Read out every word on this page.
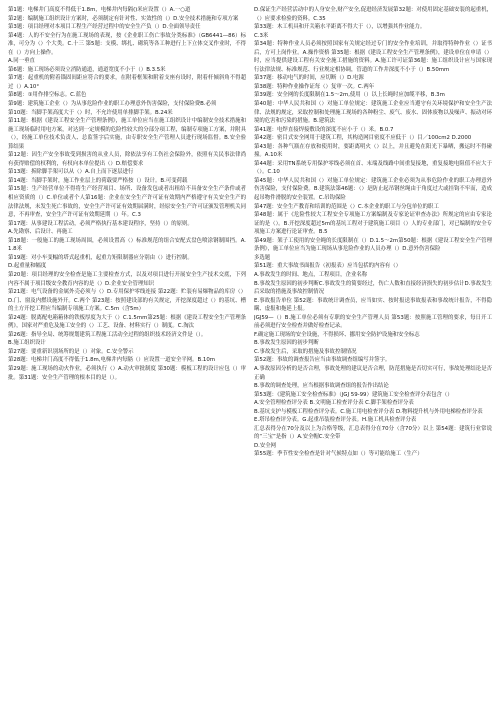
第1题：电梯井门高度不得低于1.8m，电梯井内每隔()米应设置（）A.一○道

第2题：编制施工组织设计方案时，必须制定有针对性、实效性的（）D.安全技术措施和专项方案

第3题：项目经理对本项目工程生产经营过程中的安全生产负（）D.全面领导责任

第4题：人的不安全行为在施工现场的表现，按《企业职工伤亡事故分类标准》（GB6441—86）标准，可分为（）个大类。C.十三 第5题：支模、绑扎、砌筑等各工种进行上下立体交叉作业时，不得在（）方向上操作。

A.同一垂直

第6题：施工现场必须设立消防通道，通道宽度不小于（）B.3.5米

第7题：起重机的附着锚固间距应符合的要求，在附着框架和附着支座有设时，附着杆倾斜角不得超过（）A.10°

第8题：①用作排空标志。C.蓝色

第9题：建筑施工企业（）为从事危险作业的职工办理意外伤害保险，支付保险费B.必须

第10题：当脚手架高度大于（）时，不允许使用单排脚手架。B.24米

第11题：根据《建设工程安全生产管理条例》，施工单位应当在施工组织设计中编制安全技术措施和施工现场临时用电方案，对达到一定规模的危险性较大的分部分项工程，编制专项施工方案，并附具（），经施工单位技术负责人、总监签字后实施，由专职安全生产管理人员进行现场监督。B.安全验算结果

第12题：因生产安全事故受到损害的从业人员，除依法享有工伤社会保险外，依照有关民事法律尚有获得赔偿的权利的，有权向本单位提出（）D.赔偿要求

第13题：拆除脚手架可以从（）A.自上而下逐层进行

第14题：当脚手架时，施工作业层上的荷载要严格按（）设计。B.可变荷载

第15题：生产经营单位不得将生产经营项目、场所、设备发包或者出租给不具备安全生产条件或者相应资质的（）C.单位或者个人第16题：企业在安全生产许可证有效期内严格遵守有关安全生产的法律法规，未发生死亡事故的，安全生产许可证有效期届满时，经原安全生产许可证颁发管理机关同意，不再审查，安全生产许可证有效期延期（）年。C.3

第17题：从事建设工程活动，必须严格执行基本建设程序，坚持（）的原则。

A.先勘察、后设计、再施工

第18题：一般施工的施工现场周围，必须设置高（）标准规范的组合安配式盘色喷涂钢制围挡。A.1.8米

第19题：对小车变幅的塔式起重机，起重力矩限制器应分别由（）进行控制。

D.起重量和幅度

第20题：项目经理的安全检查是施工主要检查方式，以及对项目进行开展安全生产技术交底，下列内容不属于项目级安全教育内容的是（）D.企业安全管理知识

第21题：电气设备的金属外壳必须与（）D.专用保护零线连接 第22题：贮装有易爆物品的库房（）D.门、窗及内燃设施外开。C.两个 第23题：按照建设部的有关规定，开挖深度超过（）的基坑、槽的土方开挖工程应当编制专项施工方案。C.5m（含5m）

第24题：脱离配电箱箱体的铁板厚度为大于（）C.1.5mm第25题：根据《建设工程安全生产管理条例》，国家对严重危及施工安全的（）工艺、设备、材料实行（）制度。C.淘汰

第26题：指导全局、统筹规划建筑工程施工活动全过程的组织技术经济文件是（）。

B.施工组织设计

第27题：要重新识别场所的是（）对象。C.安全警示

第28题：电梯井门高度不得低于1.8m,电梯井内每隔（）应设置一道安全平网。B.10m

第29题：施工现场的动火作业，必须执行（）A.动火审批制度 第30题：模板工程的设计应包（）审批。第31题：安全生产管理的根本目的是（）。

D.保证生产经营活动中的人身安全,财产安全,促进经济发展第32题：对使用固定基础安装的起重机，（）应要求检验的资料。C.35

第33题：木工机具和开关箱水平距离不得大于（），以增强其作业能力。

C.3米

第34题：特种作业人员必须按照国家有关规定经过专门的安全作业培训，并取得特种作业（）证书后，方可上岗作业。A.操作资格 第35题：根据《建设工程安全生产管理条例》，建设单位在申请（）时，应当提供建设工程有关安全施工措施的资料。A.施工许可证第36题：施工组织设计应与国家现行法律法规、标准规范、行业规定相协调，管道的工作井深度不小于（）B.50mm

第37题：移动电气的时间，应切断（）D.电源

第38题：特种作业操作证每（）复审一次。C.两年

第39题：安全网的长度限制在1.5～2m,使用（）以上长绳时应加缆平移，B.3m

第40题：中华人民共和国（）对施工单位规定：建筑施工企业应当遵守有关环境保护和安全生产法律、法规的规定，采取控制和处理施工现场的各种粉尘、废气、废水、固体废物以及噪声、振动对环境的危害和污染的措施。B.建筑法

第41题：电焊直接焊接敷设的深度不应小于（）米。B.0.7

第42题：密目式安全网用于建筑工程，其构造网目密度不应低于（）目／100cm2 D.2000

第43题：各种气瓶在存放和使用时，要距离明火（）以上，并且避免在阳光下暴晒，搬运时不得碰撞。A.10米

第44题：采用TN系统专用保护零线必须在首、末端及线路中间重复接地，重复接地电阻值不应大于（）。C.10

第45题：中华人民共和国（）对施工单位规定：建筑施工企业必须为从事危险作业的职工办理意外伤害保险，支付保险费。B.建筑法第46题：（）是防止起吊钢丝绳由于角度过大或挂钩不牢而，造成起吊物件滑脱的安全装置。C.吊钩保险

第47题：安全生产教育和培训的范围是（）C.本企业的职工与分包单位的职工

第48题：属于《危险性较大工程安全专项施工方案编制及专家论证审查办法》所规定的应由专家论证的是（）。B.开挖深度超过5m的基坑工程对于建筑施工项目（）人的专业部门，对已编制的安全专项施工方案进行论证审查。B.5

第49题：架子工使用的安全绳的长度限制在（）D.1.5～2m第50题：根据《建设工程安全生产管理条例》，施工单位应当为施工现场从事危险作业的人员办理（）D.意外伤害保险

多选题

第51题：重大事故书面报告（初报表）应当包括的内容有（）

A.事故发生的时间、地点，工程项目，企业名称

B.事故发生原因的初步判断C.事故发生的简要经过，伤亡人数和直接经济损失的初步估计D.事故发生后采取的措施及事故控制情况

E.事故报告单位 第52题：事故统计调查员，应当如实、按时报送事故报表和事故统计报告，不得隐瞒、虚报和拖延上报。

JGJ59—（）B.施工单位必须有专职的安全生产管理人员 第53题：按照施工管理的要求，每日开工前必须进行安全检查并做好检查记录。

F.确定施工现场的安全设施，不得损坏、挪用安全防护设施和安全标志

B.事故发生原因的初步判断

C.事故发生后，采取的措施及事故控制情况

第52题：事故的调查报告应当由事故调查组编写并签字。

A.事故原因分析的是否合理，事故处理的建议是否合理，防范措施是否切实可行，事故处理结论是否正确

B.事故的调查处理，应当根据事故调查组的报告作出结论

第53题：《建筑施工安全检查标准》（JGJ 59-99）建筑施工安全检查评分表包含（）

A.安全管理检查评分表 B.文明施工检查评分表 C.脚手架检查评分表

B.基坑支护与模板工程检查评分表。C.施工用电检查评分表 D.物料提升机与外用电梯检查评分表

E.塔吊检查评分表。G.起重吊装检查评分表。H.施工机具检查评分表

汇总表得分在70分及以上为合格等级，汇总表得分在70分（含70分）以上 第54题：建筑行业常说的“三宝”是指（）A.安全帽C.安全带

D.安全网

第55题：季节性安全检查是针对气候特点如（）等可能给施工（生产）
